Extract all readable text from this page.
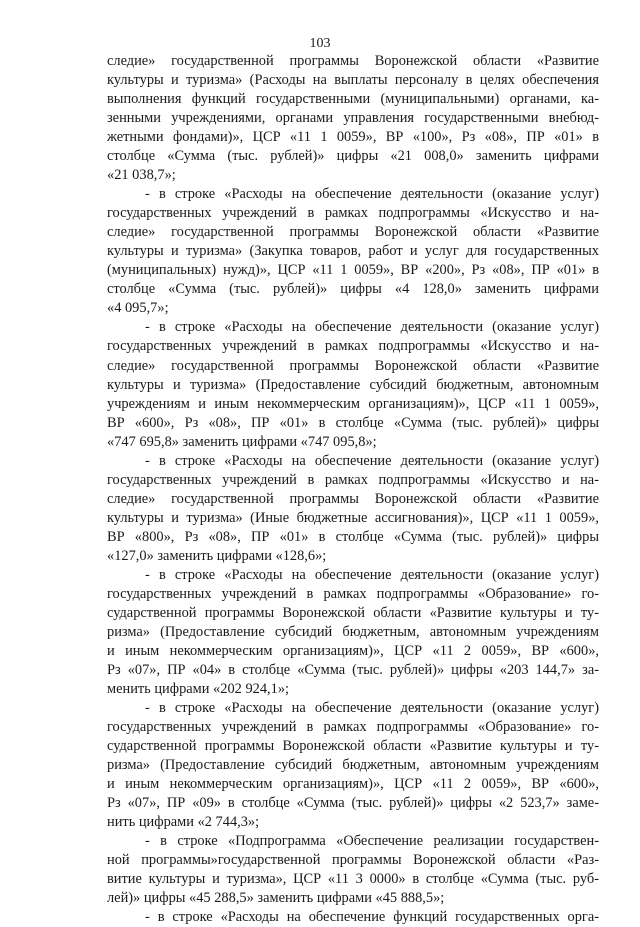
103
следие» государственной программы Воронежской области «Развитие
культуры и туризма» (Расходы на выплаты персоналу в целях обеспечения
выполнения функций государственными (муниципальными) органами, ка-
зенными учреждениями, органами управления государственными внебюд-
жетными фондами)», ЦСР «11 1 0059», ВР «100», Рз «08», ПР «01» в
столбце «Сумма (тыс. рублей)» цифры «21 008,0» заменить цифрами
«21 038,7»;
- в строке «Расходы на обеспечение деятельности (оказание услуг)
государственных учреждений в рамках подпрограммы «Искусство и на-
следие» государственной программы Воронежской области «Развитие
культуры и туризма» (Закупка товаров, работ и услуг для государственных
(муниципальных) нужд)», ЦСР «11 1 0059», ВР «200», Рз «08», ПР «01» в
столбце «Сумма (тыс. рублей)» цифры «4 128,0» заменить цифрами
«4 095,7»;
- в строке «Расходы на обеспечение деятельности (оказание услуг)
государственных учреждений в рамках подпрограммы «Искусство и на-
следие» государственной программы Воронежской области «Развитие
культуры и туризма» (Предоставление субсидий бюджетным, автономным
учреждениям и иным некоммерческим организациям)», ЦСР «11 1 0059»,
ВР «600», Рз «08», ПР «01» в столбце «Сумма (тыс. рублей)» цифры
«747 695,8» заменить цифрами «747 095,8»;
- в строке «Расходы на обеспечение деятельности (оказание услуг)
государственных учреждений в рамках подпрограммы «Искусство и на-
следие» государственной программы Воронежской области «Развитие
культуры и туризма» (Иные бюджетные ассигнования)», ЦСР «11 1 0059»,
ВР «800», Рз «08», ПР «01» в столбце «Сумма (тыс. рублей)» цифры
«127,0» заменить цифрами «128,6»;
- в строке «Расходы на обеспечение деятельности (оказание услуг)
государственных учреждений в рамках подпрограммы «Образование» го-
сударственной программы Воронежской области «Развитие культуры и ту-
ризма» (Предоставление субсидий бюджетным, автономным учреждениям
и иным некоммерческим организациям)», ЦСР «11 2 0059», ВР «600»,
Рз «07», ПР «04» в столбце «Сумма (тыс. рублей)» цифры «203 144,7» за-
менить цифрами «202 924,1»;
- в строке «Расходы на обеспечение деятельности (оказание услуг)
государственных учреждений в рамках подпрограммы «Образование» го-
сударственной программы Воронежской области «Развитие культуры и ту-
ризма» (Предоставление субсидий бюджетным, автономным учреждениям
и иным некоммерческим организациям)», ЦСР «11 2 0059», ВР «600»,
Рз «07», ПР «09» в столбце «Сумма (тыс. рублей)» цифры «2 523,7» заме-
нить цифрами «2 744,3»;
- в строке «Подпрограмма «Обеспечение реализации государствен-
ной программы»государственной программы Воронежской области «Раз-
витие культуры и туризма», ЦСР «11 3 0000» в столбце «Сумма (тыс. руб-
лей)» цифры «45 288,5» заменить цифрами «45 888,5»;
- в строке «Расходы на обеспечение функций государственных орга-
